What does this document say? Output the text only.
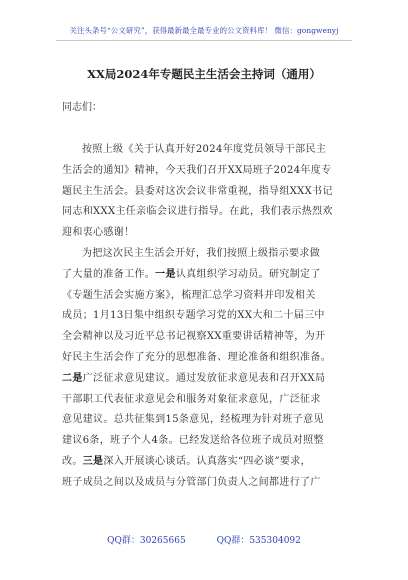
关注头条号“公文研究”，获得最新最全最专业的公文资料库！ 微信：gongwenyj
XX局2024年专题民主生活会主持词（通用）
同志们：
按照上级《关于认真开好2024年度党员领导干部民主
生活会的通知》精神，今天我们召开XX局班子2024年度专
题民主生活会。县委对这次会议非常重视，指导组XXX书记
同志和XXX主任亲临会议进行指导。在此，我们表示热烈欢
迎和衷心感谢！
为把这次民主生活会开好，我们按照上级指示要求做
了大量的准备工作。一是认真组织学习动员。研究制定了
《专题生活会实施方案》，梳理汇总学习资料并印发相关
成员；1月13日集中组织专题学习党的XX大和二十届三中
全会精神以及习近平总书记视察XX重要讲话精神等，为开
好民主生活会作了充分的思想准备、理论准备和组织准备。
二是广泛征求意见建议。通过发放征求意见表和召开XX局
干部职工代表征求意见会和服务对象征求意见，广泛征求
意见建议。总共征集到15条意见，经梳理为针对班子意见
建议6条，班子个人4条。已经发送给各位班子成员对照整
改。三是深入开展谈心谈话。认真落实“四必谈”要求，
班子成员之间以及成员与分管部门负责人之间都进行了广
QQ群：30265665	QQ群：535304092
